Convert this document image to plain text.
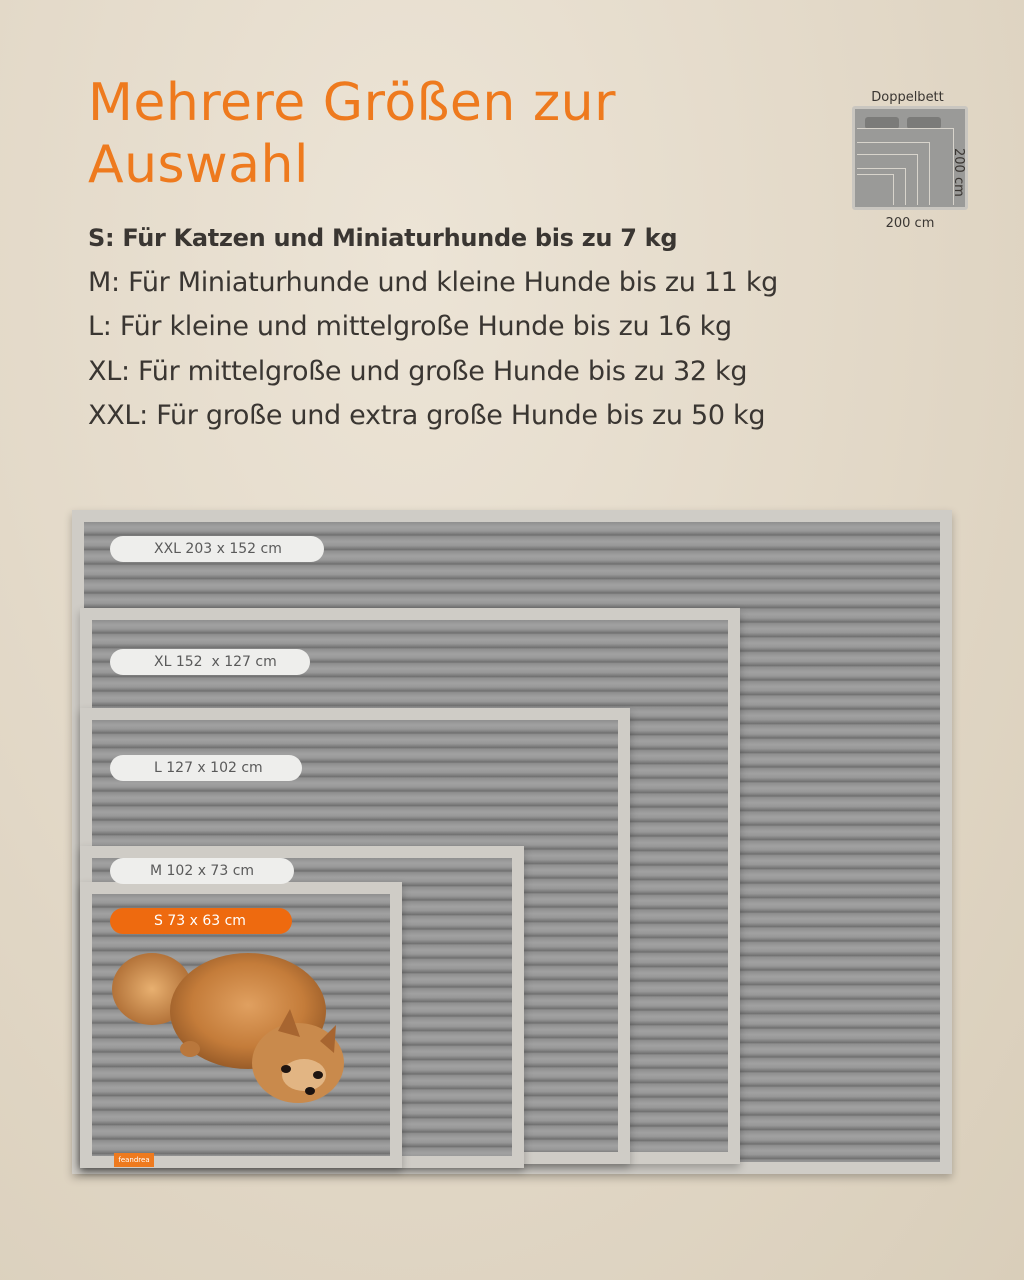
Mehrere Größen zur Auswahl
S: Für Katzen und Miniaturhunde bis zu 7 kg
M: Für Miniaturhunde und kleine Hunde bis zu 11 kg
L: Für kleine und mittelgroße Hunde bis zu 16 kg
XL: Für mittelgroße und große Hunde bis zu 32 kg
XXL: Für große und extra große Hunde bis zu 50 kg
Doppelbett
200 cm
200 cm
XXL 203 x 152 cm
XL 152  x 127 cm
L 127 x 102 cm
M 102 x 73 cm
S 73 x 63 cm
feandrea
